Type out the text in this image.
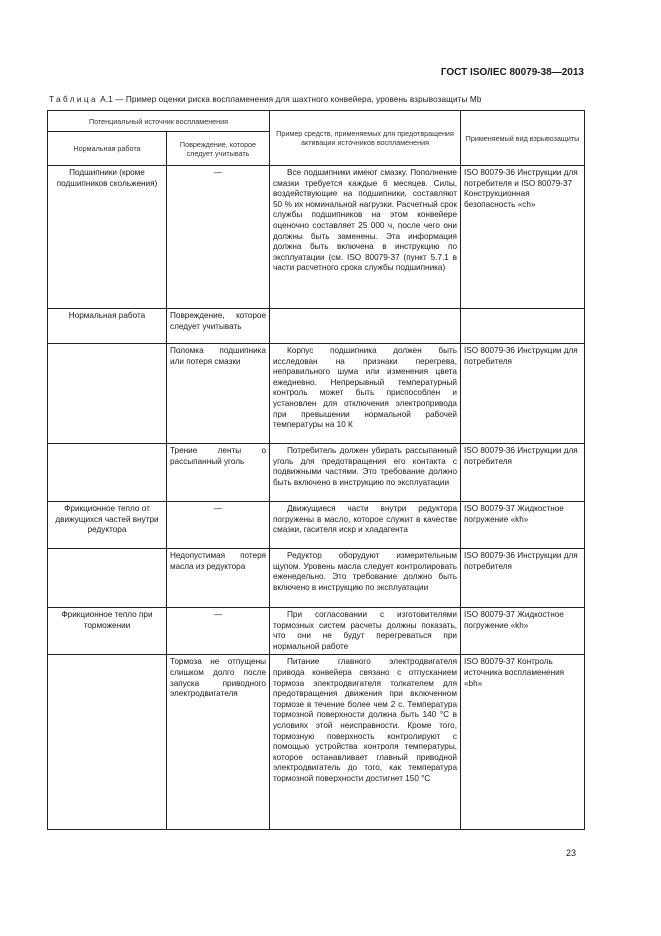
ГОСТ ISO/IEC 80079-38—2013
Таблица А.1 — Пример оценки риска воспламенения для шахтного конвейера, уровень взрывозащиты Mb
Потенциальный источник воспламенения		Пример средств, применяемых для предотвращения активации источников воспламенения	Применяемый вид взрывозащиты
Нормальная работа	Повреждение, которое следует учитывать		
Подшипники (кроме подшипников скольжения)	—	Все подшипники имеют смазку. Пополнение смазки требуется каждые 6 месяцев. Силы, воздействующие на подшипники, составляют 50 % их номинальной нагрузки. Расчетный срок службы подшипников на этом конвейере оценочно составляет 25 000 ч, после чего они должны быть заменены. Эта информация должна быть включена в инструкцию по эксплуатации (см. ISO 80079-37 (пункт 5.7.1 в части расчетного срока службы подшипника)	ISO 80079-36 Инструкции для потребителя и ISO 80079-37 Конструкционная безопасность «ch»
Нормальная работа	Повреждение, которое следует учитывать		
	Поломка подшипника или потеря смазки	Корпус подшипника должен быть исследован на признаки перегрева, неправильного шума или изменения цвета ежедневно. Непрерывный температурный контроль может быть приспособлен и установлен для отключения электропривода при превышении нормальной рабочей температуры на 10 К	ISO 80079-36 Инструкции для потребителя
	Трение ленты о рассыпанный уголь	Потребитель должен убирать рассыпанный уголь для предотвращения его контакта с подвижными частями. Это требование должно быть включено в инструкцию по эксплуатации	ISO 80079-36 Инструкции для потребителя
Фрикционное тепло от движущихся частей внутри редуктора	—	Движущиеся части внутри редуктора погружены в масло, которое служит в качестве смазки, гасителя искр и хладагента	ISO 80079-37 Жидкостное погружение «kh»
	Недопустимая потеря масла из редуктора	Редуктор оборудуют измерительным щупом. Уровень масла следует контролировать еженедельно. Это требование должно быть включено в инструкцию по эксплуатации	ISO 80079-36 Инструкции для потребителя
Фрикционное тепло при торможении	—	При согласовании с изготовителями тормозных систем расчеты должны показать, что они не будут перегреваться при нормальной работе	ISO 80079-37 Жидкостное погружение «kh»
	Тормоза не отпущены слишком долго после запуска приводного электродвигателя	Питание главного электродвигателя привода конвейера связано с отпусканием тормоза электродвигателя толкателем для предотвращения движения при включенном тормозе в течение более чем 2 с. Температура тормозной поверхности должна быть 140 °С в условиях этой неисправности. Кроме того, тормозную поверхность контролируют с помощью устройства контроля температуры, которое останавливает главный приводной электродвигатель до того, как температура тормозной поверхности достигнет 150 °С	ISO 80079-37 Контроль источника воспламенения «bh»
23
